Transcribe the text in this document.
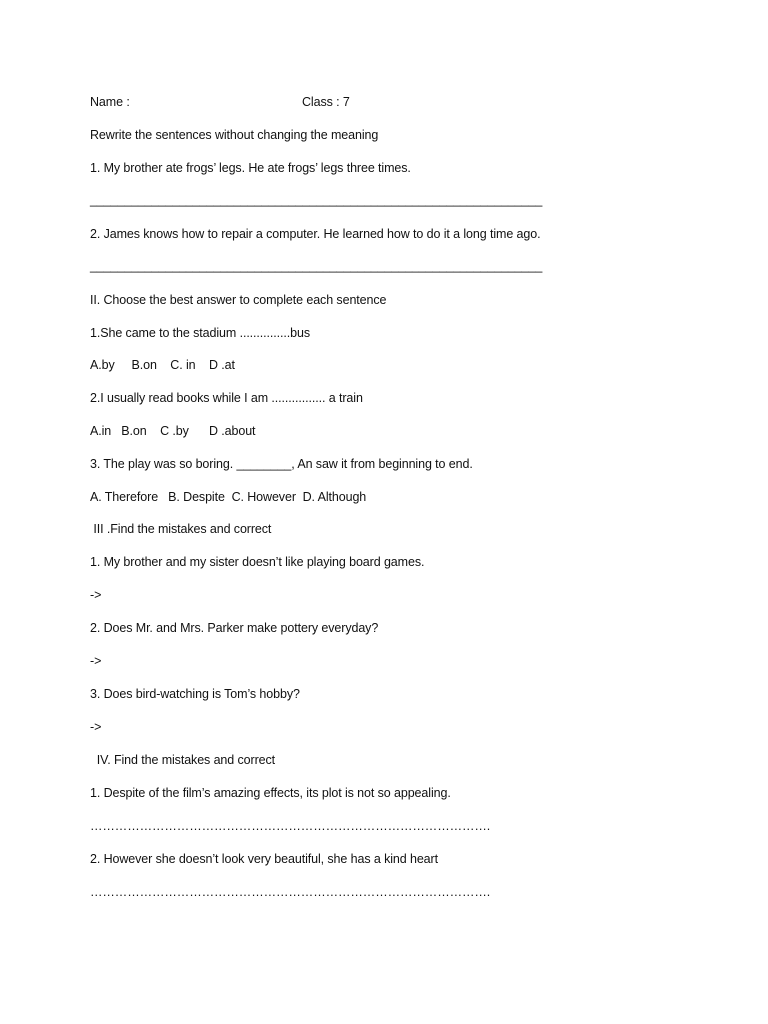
Name :	Class : 7
Rewrite the sentences without changing the meaning
1. My brother ate frogs’ legs. He ate frogs’ legs three times.
__________________________________________________________________
2. James knows how to repair a computer. He learned how to do it a long time ago.
__________________________________________________________________
II. Choose the best answer to complete each sentence
1.She came to the stadium ...............bus
A.by     B.on    C. in    D .at
2.I usually read books while I am ................ a train
A.in   B.on    C .by      D .about
3. The play was so boring. ________, An saw it from beginning to end.
A. Therefore   B. Despite  C. However  D. Although
III .Find the mistakes and correct
1. My brother and my sister doesn’t like playing board games.
->
2. Does Mr. and Mrs. Parker make pottery everyday?
->
3. Does bird-watching is Tom’s hobby?
->
IV. Find the mistakes and correct
1. Despite of the film’s amazing effects, its plot is not so appealing.
…………………………………………………………………………………….
2. However she doesn’t look very beautiful, she has a kind heart
…………………………………………………………………………………….
